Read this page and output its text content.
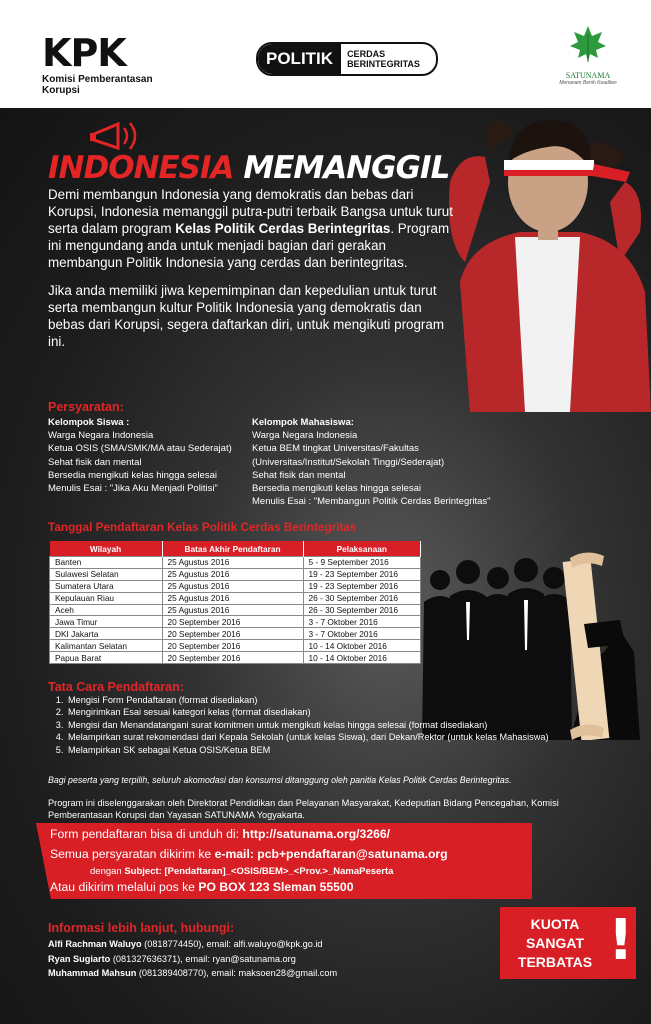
KPK
Komisi Pemberantasan Korupsi
POLITIK	CERDAS
BERINTEGRITAS
SATUNAMA
Menanam Benih Keadilan
INDONESIA MEMANGGIL

Demi membangun Indonesia yang demokratis dan bebas dari Korupsi, Indonesia memanggil putra-putri terbaik Bangsa untuk turut serta dalam program Kelas Politik Cerdas Berintegritas. Program ini mengundang anda untuk menjadi bagian dari gerakan membangun Politik Indonesia yang cerdas dan berintegritas.

Jika anda memiliki jiwa kepemimpinan dan kepedulian untuk turut serta membangun kultur Politik Indonesia yang demokratis dan bebas dari Korupsi, segera daftarkan diri, untuk mengikuti program ini.

Persyaratan:
Kelompok Siswa :
Warga Negara Indonesia
Ketua OSIS (SMA/SMK/MA atau Sederajat)
Sehat fisik dan mental
Bersedia mengikuti kelas hingga selesai
Menulis Esai : "Jika Aku Menjadi Politisi"
Kelompok Mahasiswa:
Warga Negara Indonesia
Ketua BEM tingkat Universitas/Fakultas
(Universitas/Institut/Sekolah Tinggi/Sederajat)
Sehat fisik dan mental
Bersedia mengikuti kelas hingga selesai
Menulis Esai : "Membangun Politik Cerdas Berintegritas"
Tanggal Pendaftaran Kelas Politik Cerdas Berintegritas
Wilayah	Batas Akhir Pendaftaran	Pelaksanaan
Banten	25 Agustus 2016	5 - 9 September 2016
Sulawesi Selatan	25 Agustus 2016	19 - 23 September 2016
Sumatera Utara	25 Agustus 2016	19 - 23 September 2016
Kepulauan Riau	25 Agustus 2016	26 - 30 September 2016
Aceh	25 Agustus 2016	26 - 30 September 2016
Jawa Timur	20 September 2016	3 - 7 Oktober 2016
DKI Jakarta	20 September 2016	3 - 7 Oktober 2016
Kalimantan Selatan	20 September 2016	10 - 14 Oktober 2016
Papua Barat	20 September 2016	10 - 14 Oktober 2016
Tata Cara Pendaftaran:
1. Mengisi Form Pendaftaran (format disediakan)
2. Mengirimkan Esai sesuai kategori kelas (format disediakan)
3. Mengisi dan Menandatangani surat komitmen untuk mengikuti kelas hingga selesai (format disediakan)
4. Melampirkan surat rekomendasi dari Kepala Sekolah (untuk kelas Siswa), dari Dekan/Rektor (untuk kelas Mahasiswa)
5. Melampirkan SK sebagai Ketua OSIS/Ketua BEM
Bagi peserta yang terpilih, seluruh akomodasi dan konsumsi ditanggung oleh panitia Kelas Politik Cerdas Berintegritas.
Program ini diselenggarakan oleh Direktorat Pendidikan dan Pelayanan Masyarakat, Kedeputian Bidang Pencegahan, Komisi Pemberantasan Korupsi dan Yayasan SATUNAMA Yogyakarta.
Form pendaftaran bisa di unduh di: http://satunama.org/3266/
Semua persyaratan dikirim ke e-mail: pcb+pendaftaran@satunama.org
dengan Subject: [Pendaftaran]_<OSIS/BEM>_<Prov.>_NamaPeserta
Atau dikirim melalui pos ke PO BOX 123 Sleman 55500
Informasi lebih lanjut, hubungi:
Alfi Rachman Waluyo (0818774450), email: alfi.waluyo@kpk.go.id
Ryan Sugiarto (081327636371), email: ryan@satunama.org
Muhammad Mahsun (081389408770), email: maksoen28@gmail.com
KUOTA
SANGAT
TERBATAS !
